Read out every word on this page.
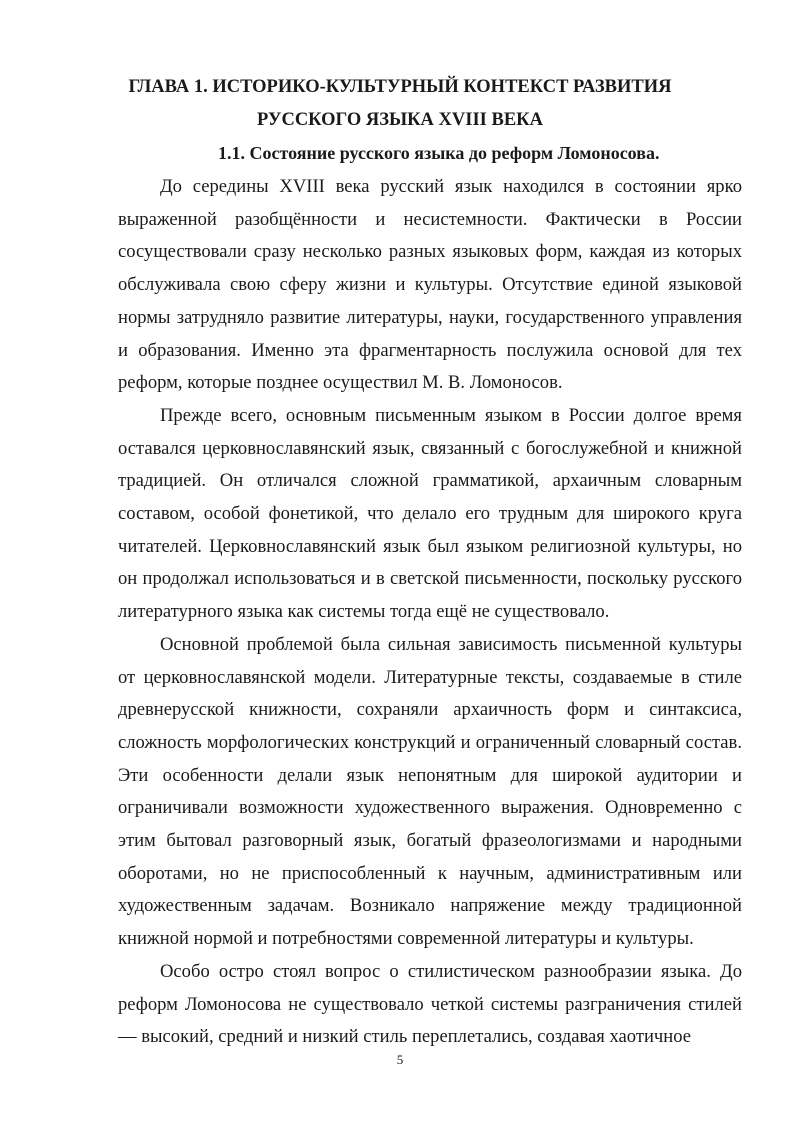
ГЛАВА 1. ИСТОРИКО-КУЛЬТУРНЫЙ КОНТЕКСТ РАЗВИТИЯ
РУССКОГО ЯЗЫКА XVIII ВЕКА
1.1. Состояние русского языка до реформ Ломоносова.

До середины XVIII века русский язык находился в состоянии ярко выраженной разобщённости и несистемности. Фактически в России сосуществовали сразу несколько разных языковых форм, каждая из которых обслуживала свою сферу жизни и культуры. Отсутствие единой языковой нормы затрудняло развитие литературы, науки, государственного управления и образования. Именно эта фрагментарность послужила основой для тех реформ, которые позднее осуществил М. В. Ломоносов.

Прежде всего, основным письменным языком в России долгое время оставался церковнославянский язык, связанный с богослужебной и книжной традицией. Он отличался сложной грамматикой, архаичным словарным составом, особой фонетикой, что делало его трудным для широкого круга читателей. Церковнославянский язык был языком религиозной культуры, но он продолжал использоваться и в светской письменности, поскольку русского литературного языка как системы тогда ещё не существовало.

Основной проблемой была сильная зависимость письменной культуры от церковнославянской модели. Литературные тексты, создаваемые в стиле древнерусской книжности, сохраняли архаичность форм и синтаксиса, сложность морфологических конструкций и ограниченный словарный состав. Эти особенности делали язык непонятным для широкой аудитории и ограничивали возможности художественного выражения. Одновременно с этим бытовал разговорный язык, богатый фразеологизмами и народными оборотами, но не приспособленный к научным, административным или художественным задачам. Возникало напряжение между традиционной книжной нормой и потребностями современной литературы и культуры.

Особо остро стоял вопрос о стилистическом разнообразии языка. До реформ Ломоносова не существовало четкой системы разграничения стилей — высокий, средний и низкий стиль переплетались, создавая хаотичное

5
